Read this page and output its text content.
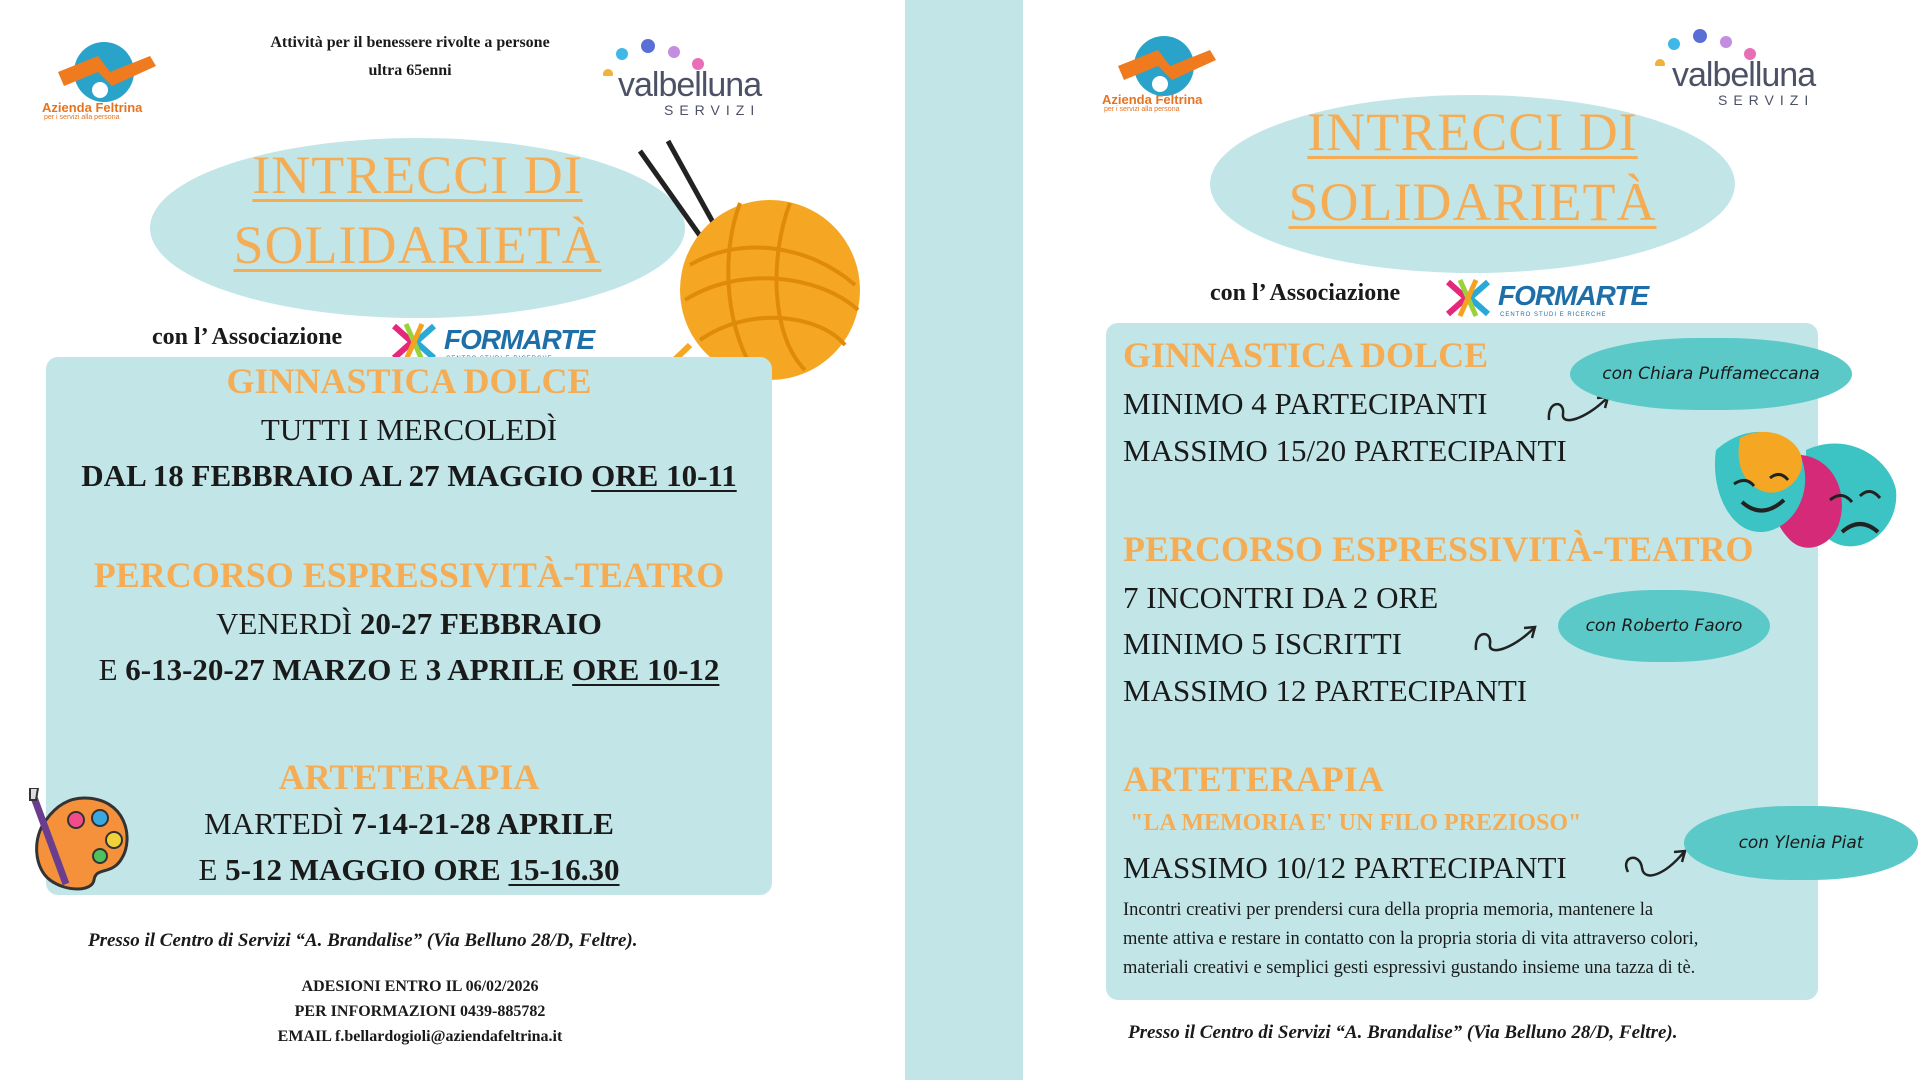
Azienda Feltrina
per i servizi alla persona
Attività per il benessere rivolte a persone
ultra 65enni	valbelluna
SERVIZI
INTRECCI DI
SOLIDARIETÀ
con l’ Associazione	FORMARTE
GINNASTICA DOLCE
TUTTI I MERCOLEDÌ
DAL 18 FEBBRAIO AL 27 MAGGIO ORE 10-11
PERCORSO ESPRESSIVITÀ-TEATRO
VENERDÌ 20-27 FEBBRAIO
E 6-13-20-27 MARZO E 3 APRILE ORE 10-12
ARTETERAPIA
MARTEDÌ 7-14-21-28 APRILE
E 5-12 MAGGIO ORE 15-16.30
Presso il Centro di Servizi “A. Brandalise” (Via Belluno 28/D, Feltre).
ADESIONI ENTRO IL 06/02/2026
PER INFORMAZIONI 0439-885782
EMAIL f.bellardogioli@aziendafeltrina.it
Azienda Feltrina
per i servizi alla persona
valbelluna
SERVIZI
INTRECCI DI
SOLIDARIETÀ
con l’ Associazione	FORMARTE
CENTRO STUDI E RICERCHE
GINNASTICA DOLCE
MINIMO 4 PARTECIPANTI
MASSIMO 15/20 PARTECIPANTI
con Chiara Puffameccana
PERCORSO ESPRESSIVITÀ-TEATRO
7 INCONTRI DA 2 ORE
MINIMO 5 ISCRITTI
MASSIMO 12 PARTECIPANTI
con Roberto Faoro
ARTETERAPIA
"LA MEMORIA E' UN FILO PREZIOSO"
MASSIMO 10/12 PARTECIPANTI
con Ylenia Piat
Incontri creativi per prendersi cura della propria memoria, mantenere la
mente attiva e restare in contatto con la propria storia di vita attraverso colori,
materiali creativi e semplici gesti espressivi gustando insieme una tazza di tè.
Presso il Centro di Servizi “A. Brandalise” (Via Belluno 28/D, Feltre).
